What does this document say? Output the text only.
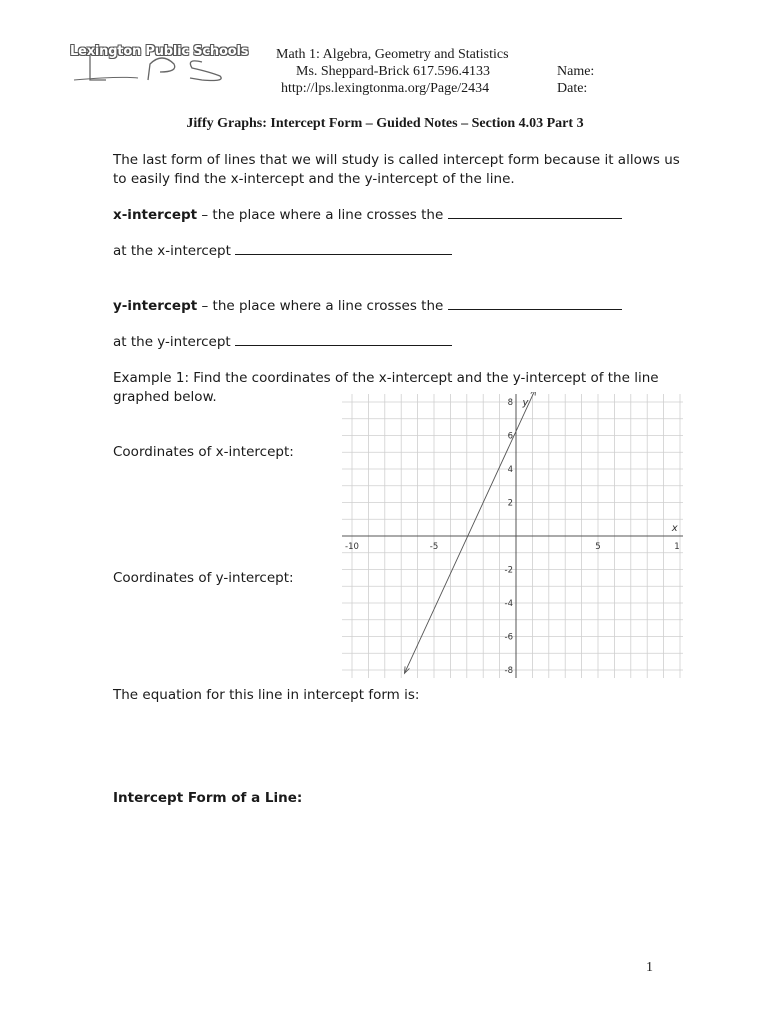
Lexington Public Schools Math 1: Algebra, Geometry and Statistics
Ms. Sheppard-Brick 617.596.4133
http://lps.lexingtonma.org/Page/2434
Name:
Date:
Jiffy Graphs: Intercept Form – Guided Notes – Section 4.03 Part 3
The last form of lines that we will study is called intercept form because it allows us
to easily find the x-intercept and the y-intercept of the line.
x-intercept – the place where a line crosses the
at the x-intercept
y-intercept – the place where a line crosses the
at the y-intercept
Example 1: Find the coordinates of the x-intercept and the y-intercept of the line
graphed below.
Coordinates of x-intercept:
Coordinates of y-intercept:
The equation for this line in intercept form is:
-10	-5	5	1
8
6
4
2
-2
-4
-6
-8
x
y
Intercept Form of a Line:
1
